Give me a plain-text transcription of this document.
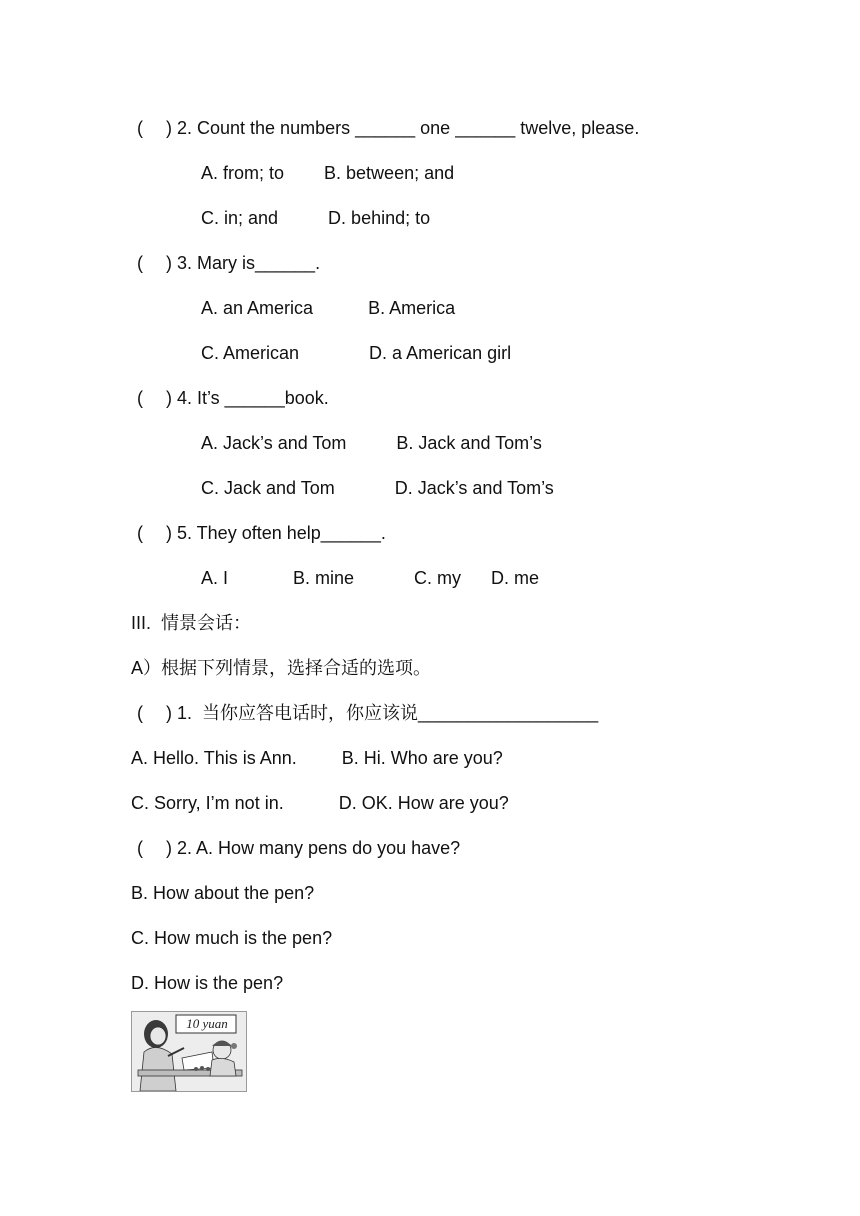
(　 ) 2. Count the numbers ______ one ______ twelve, please.
A. from; to        B. between; and
C. in; and          D. behind; to
(　 ) 3. Mary is______.
A. an America           B. America
C. American              D. a American girl
(　 ) 4. It’s ______book.
A. Jack’s and Tom          B. Jack and Tom’s
C. Jack and Tom            D. Jack’s and Tom’s
(　 ) 5. They often help______.
A. I             B. mine            C. my      D. me
III.  情景会话：
A）根据下列情景，选择合适的选项。
(　 ) 1.  当你应答电话时，你应该说__________________
A. Hello. This is Ann.         B. Hi. Who are you?
C. Sorry, I’m not in.           D. OK. How are you?
(　 ) 2. A. How many pens do you have?
B. How about the pen?
C. How much is the pen?
D. How is the pen?
10 yuan
